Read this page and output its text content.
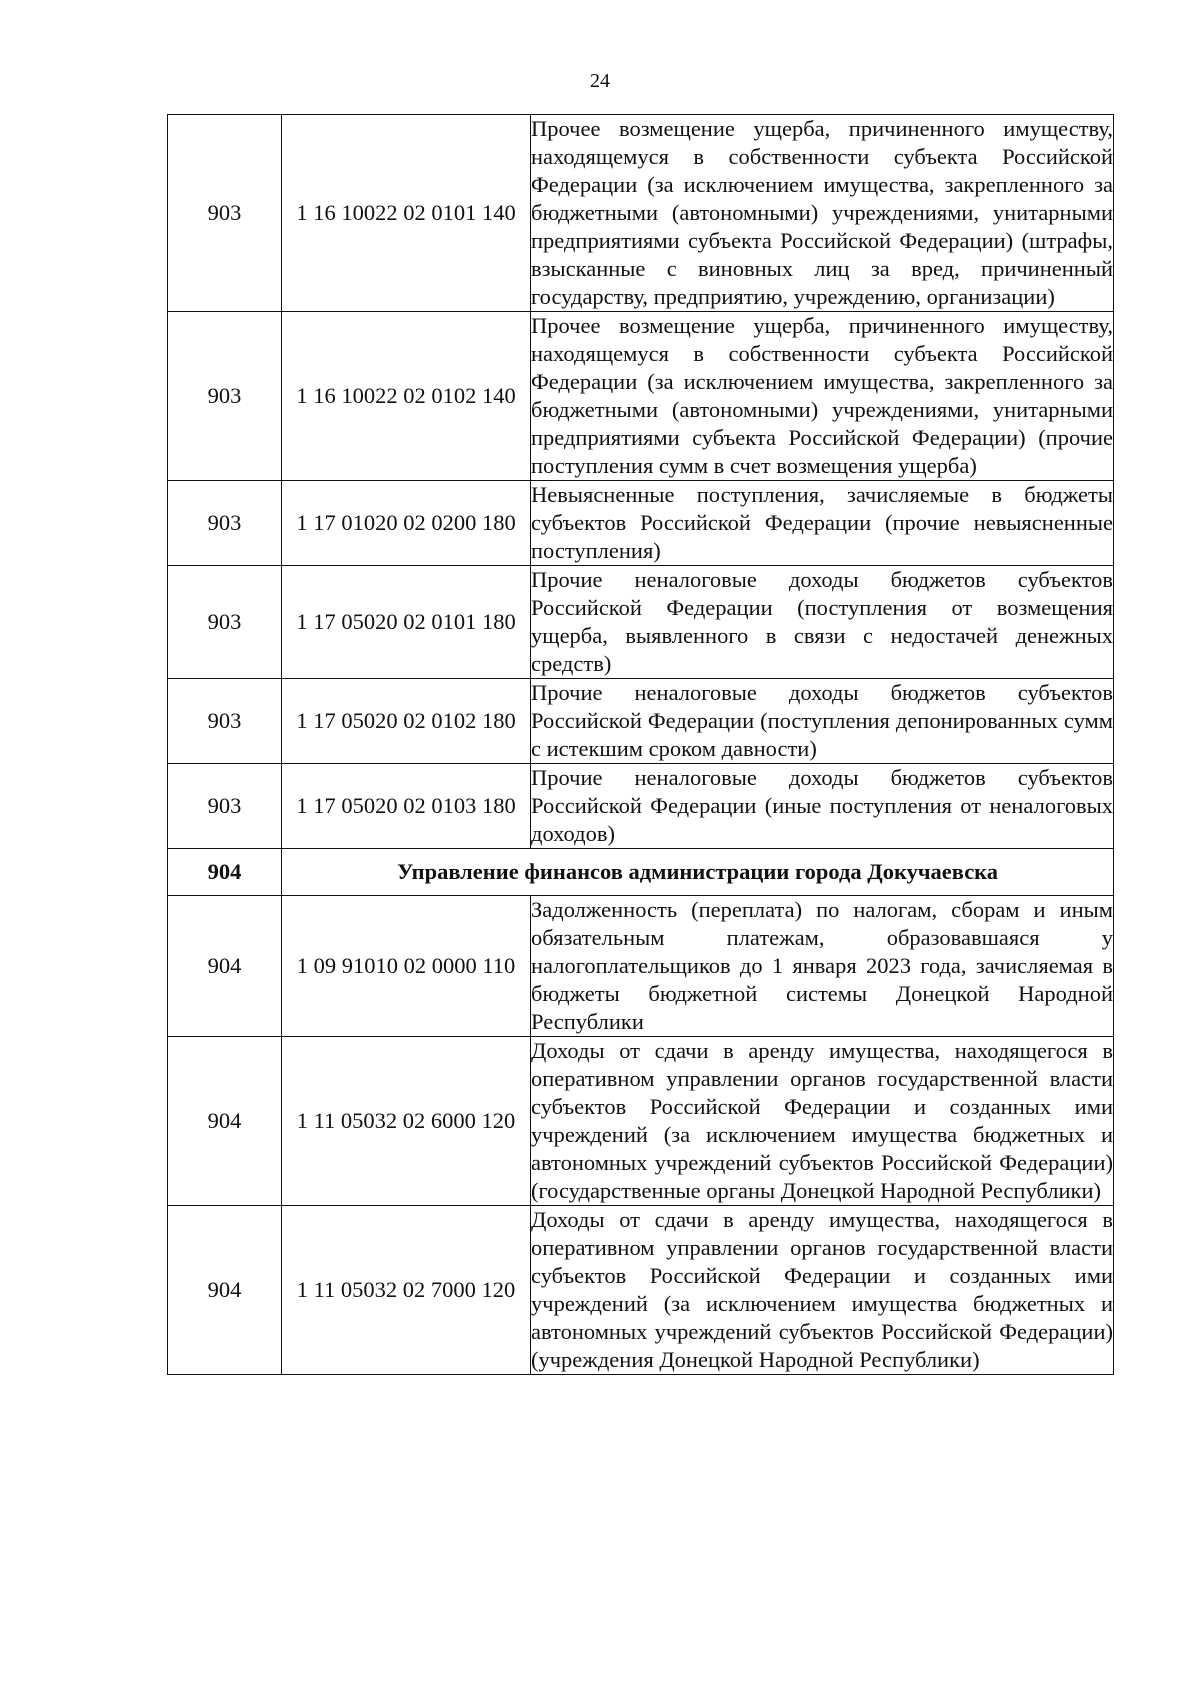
24
903	1 16 10022 02 0101 140	Прочее возмещение ущерба, причиненного имуществу, находящемуся в собственности субъекта Российской Федерации (за исключением имущества, закрепленного за бюджетными (автономными) учреждениями, унитарными предприятиями субъекта Российской Федерации) (штрафы, взысканные с виновных лиц за вред, причиненный государству, предприятию, учреждению, организации)
903	1 16 10022 02 0102 140	Прочее возмещение ущерба, причиненного имуществу, находящемуся в собственности субъекта Российской Федерации (за исключением имущества, закрепленного за бюджетными (автономными) учреждениями, унитарными предприятиями субъекта Российской Федерации) (прочие поступления сумм в счет возмещения ущерба)
903	1 17 01020 02 0200 180	Невыясненные поступления, зачисляемые в бюджеты субъектов Российской Федерации (прочие невыясненные поступления)
903	1 17 05020 02 0101 180	Прочие неналоговые доходы бюджетов субъектов Российской Федерации (поступления от возмещения ущерба, выявленного в связи с недостачей денежных средств)
903	1 17 05020 02 0102 180	Прочие неналоговые доходы бюджетов субъектов Российской Федерации (поступления депонированных сумм с истекшим сроком давности)
903	1 17 05020 02 0103 180	Прочие неналоговые доходы бюджетов субъектов Российской Федерации (иные поступления от неналоговых доходов)
904	Управление финансов администрации города Докучаевска	
904	1 09 91010 02 0000 110	Задолженность (переплата) по налогам, сборам и иным обязательным платежам, образовавшаяся у налогоплательщиков до 1 января 2023 года, зачисляемая в бюджеты бюджетной системы Донецкой Народной Республики
904	1 11 05032 02 6000 120	Доходы от сдачи в аренду имущества, находящегося в оперативном управлении органов государственной власти субъектов Российской Федерации и созданных ими учреждений (за исключением имущества бюджетных и автономных учреждений субъектов Российской Федерации) (государственные органы Донецкой Народной Республики)
904	1 11 05032 02 7000 120	Доходы от сдачи в аренду имущества, находящегося в оперативном управлении органов государственной власти субъектов Российской Федерации и созданных ими учреждений (за исключением имущества бюджетных и автономных учреждений субъектов Российской Федерации) (учреждения Донецкой Народной Республики)
